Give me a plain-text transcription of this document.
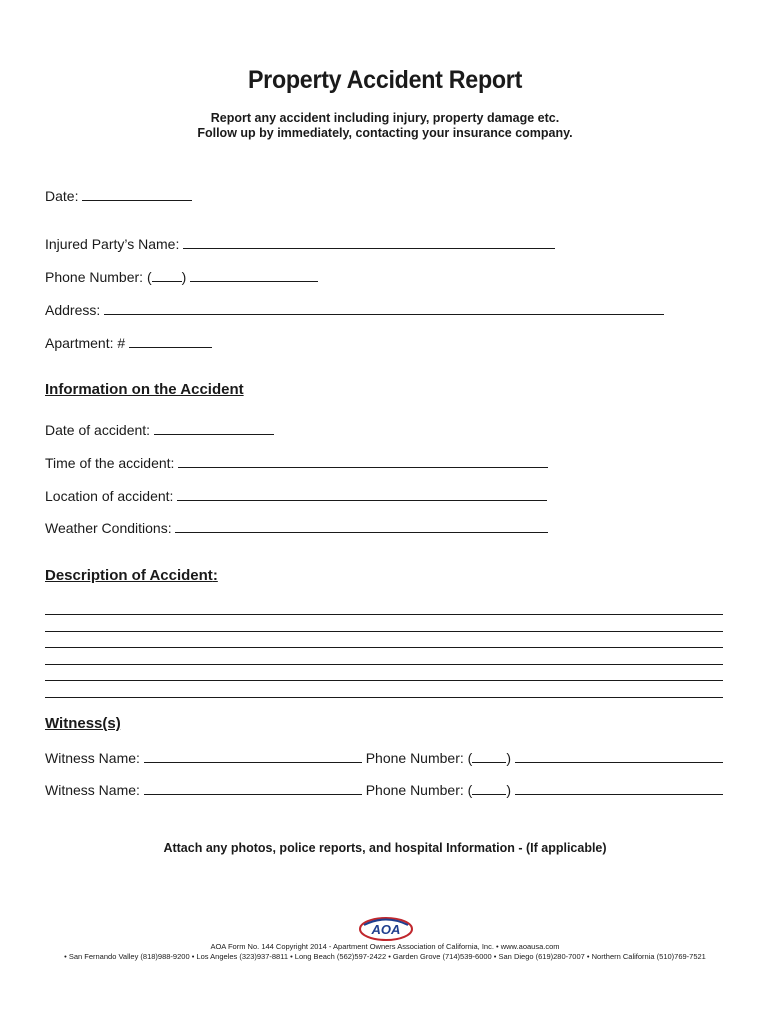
Property Accident Report
Report any accident including injury, property damage etc.
Follow up by immediately, contacting your insurance company.
Date:
Injured Party’s Name:
Phone Number: ( )
Address:
Apartment: #
Information on the Accident
Date of accident:
Time of the accident:
Location of accident:
Weather Conditions:
Description of Accident:
Witness(s)
Witness Name:	Phone Number: ( )
Witness Name:	Phone Number: ( )
Attach any photos, police reports, and hospital Information - (If applicable)
AOA
AOA Form No. 144 Copyright 2014 - Apartment Owners Association of California, Inc. • www.aoausa.com
• San Fernando Valley (818)988-9200 • Los Angeles (323)937-8811 • Long Beach (562)597-2422 • Garden Grove (714)539-6000 • San Diego (619)280-7007 • Northern California (510)769-7521
